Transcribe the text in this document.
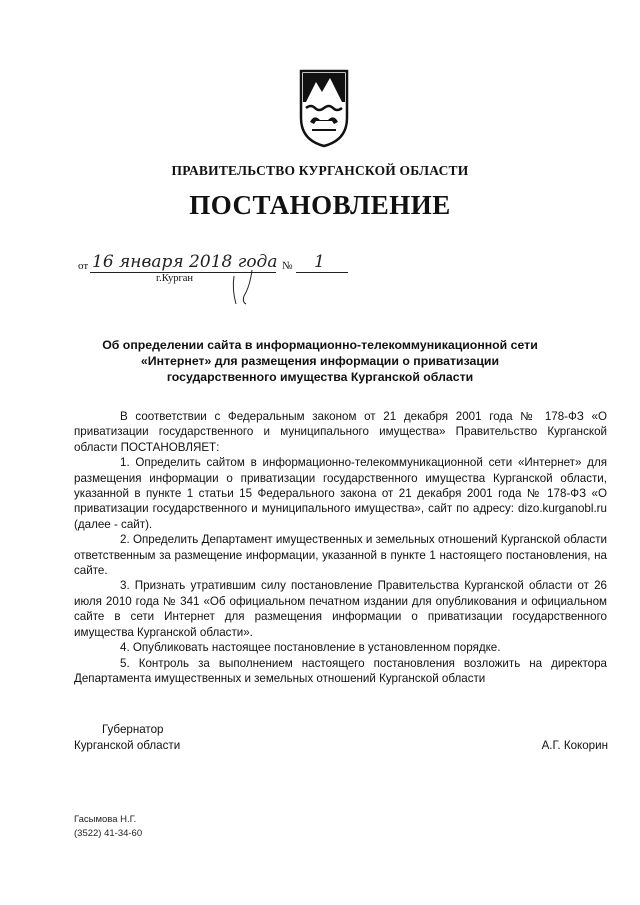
ПРАВИТЕЛЬСТВО КУРГАНСКОЙ ОБЛАСТИ
ПОСТАНОВЛЕНИЕ
от 16 января 2018 года № 1
г.Курган
Об определении сайта в информационно-телекоммуникационной сети
«Интернет» для размещения информации о приватизации
государственного имущества Курганской области

В соответствии с Федеральным законом от 21 декабря 2001 года № 178-ФЗ «О приватизации государственного и муниципального имущества» Правительство Курганской области ПОСТАНОВЛЯЕТ:

1. Определить сайтом в информационно-телекоммуникационной сети «Интернет» для размещения информации о приватизации государственного имущества Курганской области, указанной в пункте 1 статьи 15 Федерального закона от 21 декабря 2001 года № 178-ФЗ «О приватизации государственного и муниципального имущества», сайт по адресу: dizo.kurganobl.ru (далее - сайт).

2. Определить Департамент имущественных и земельных отношений Курганской области ответственным за размещение информации, указанной в пункте 1 настоящего постановления, на сайте.

3. Признать утратившим силу постановление Правительства Курганской области от 26 июля 2010 года № 341 «Об официальном печатном издании для опубликования и официальном сайте в сети Интернет для размещения информации о приватизации государственного имущества Курганской области».

4. Опубликовать настоящее постановление в установленном порядке.

5. Контроль за выполнением настоящего постановления возложить на директора Департамента имущественных и земельных отношений Курганской области

Губернатор
Курганской области	А.Г. Кокорин
Гасымова Н.Г.
(3522) 41-34-60
